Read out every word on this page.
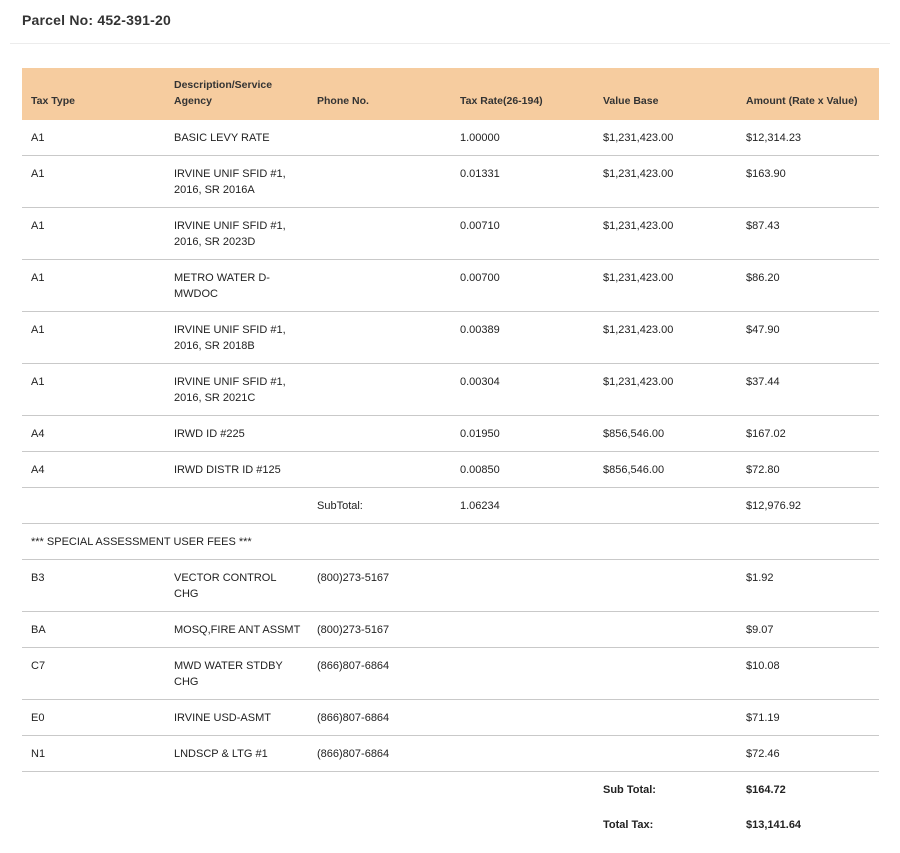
Parcel No: 452-391-20
Tax Type	Description/Service Agency	Phone No.	Tax Rate(26-194)	Value Base	Amount (Rate x Value)
A1	BASIC LEVY RATE		1.00000	$1,231,423.00	$12,314.23
A1	IRVINE UNIF SFID #1, 2016, SR 2016A		0.01331	$1,231,423.00	$163.90
A1	IRVINE UNIF SFID #1, 2016, SR 2023D		0.00710	$1,231,423.00	$87.43
A1	METRO WATER D-MWDOC		0.00700	$1,231,423.00	$86.20
A1	IRVINE UNIF SFID #1, 2016, SR 2018B		0.00389	$1,231,423.00	$47.90
A1	IRVINE UNIF SFID #1, 2016, SR 2021C		0.00304	$1,231,423.00	$37.44
A4	IRWD ID #225		0.01950	$856,546.00	$167.02
A4	IRWD DISTR ID #125		0.00850	$856,546.00	$72.80
		SubTotal:	1.06234		$12,976.92
*** SPECIAL ASSESSMENT USER FEES ***					
B3	VECTOR CONTROL CHG	(800)273-5167			$1.92
BA	MOSQ,FIRE ANT ASSMT	(800)273-5167			$9.07
C7	MWD WATER STDBY CHG	(866)807-6864			$10.08
E0	IRVINE USD-ASMT	(866)807-6864			$71.19
N1	LNDSCP & LTG #1	(866)807-6864			$72.46
				Sub Total:	$164.72
				Total Tax:	$13,141.64
